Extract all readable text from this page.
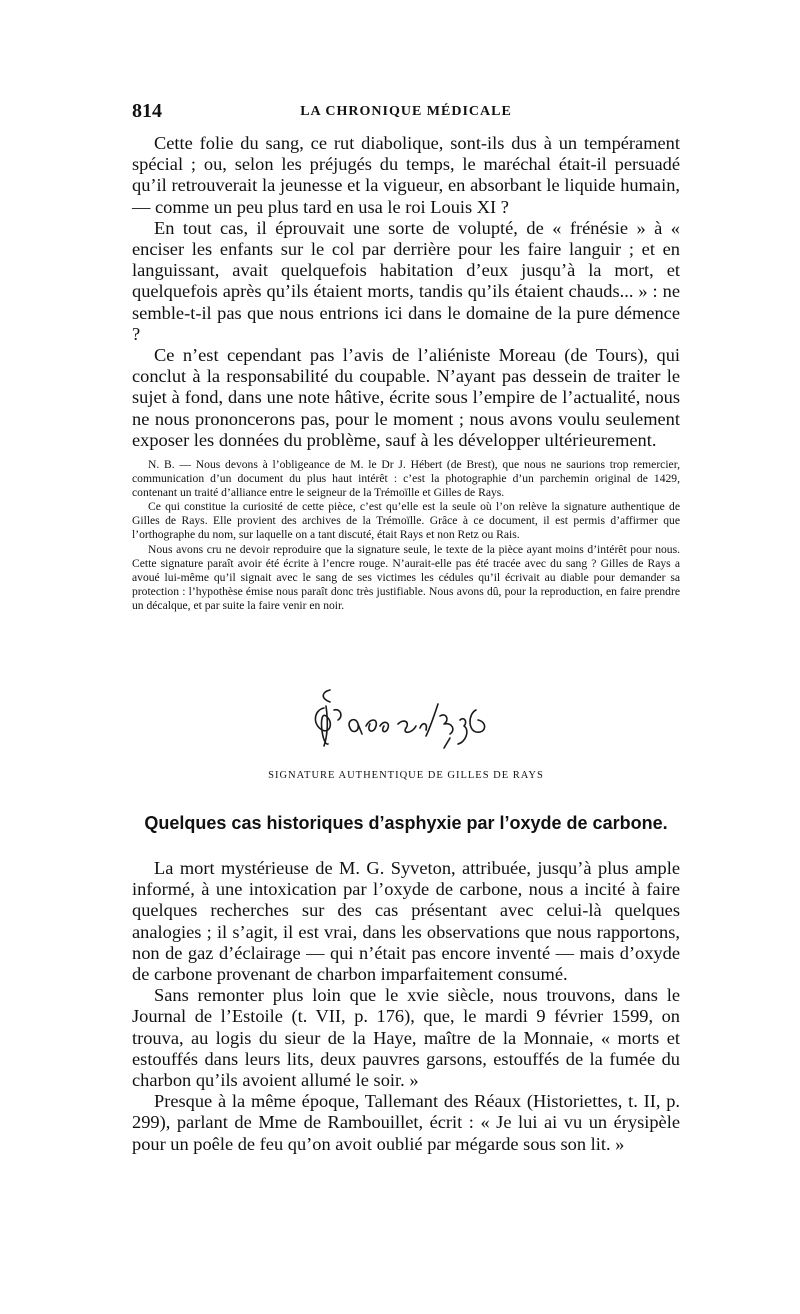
814	LA CHRONIQUE MÉDICALE

Cette folie du sang, ce rut diabolique, sont-ils dus à un tempérament spécial ; ou, selon les préjugés du temps, le maréchal était-il persuadé qu’il retrouverait la jeunesse et la vigueur, en absorbant le liquide humain, — comme un peu plus tard en usa le roi Louis XI ?

En tout cas, il éprouvait une sorte de volupté, de « frénésie » à « enciser les enfants sur le col par derrière pour les faire languir ; et en languissant, avait quelquefois habitation d’eux jusqu’à la mort, et quelquefois après qu’ils étaient morts, tandis qu’ils étaient chauds... » : ne semble-t-il pas que nous entrions ici dans le domaine de la pure démence ?

Ce n’est cependant pas l’avis de l’aliéniste Moreau (de Tours), qui conclut à la responsabilité du coupable. N’ayant pas dessein de traiter le sujet à fond, dans une note hâtive, écrite sous l’empire de l’actualité, nous ne nous prononcerons pas, pour le moment ; nous avons voulu seulement exposer les données du problème, sauf à les développer ultérieurement.

N. B. — Nous devons à l’obligeance de M. le Dr J. Hébert (de Brest), que nous ne saurions trop remercier, communication d’un document du plus haut intérêt : c’est la photographie d’un parchemin original de 1429, contenant un traité d’alliance entre le seigneur de la Trémoïlle et Gilles de Rays.

Ce qui constitue la curiosité de cette pièce, c’est qu’elle est la seule où l’on relève la signature authentique de Gilles de Rays. Elle provient des archives de la Trémoïlle. Grâce à ce document, il est permis d’affirmer que l’orthographe du nom, sur laquelle on a tant discuté, était Rays et non Retz ou Rais.

Nous avons cru ne devoir reproduire que la signature seule, le texte de la pièce ayant moins d’intérêt pour nous. Cette signature paraît avoir été écrite à l’encre rouge. N’aurait-elle pas été tracée avec du sang ? Gilles de Rays a avoué lui-même qu’il signait avec le sang de ses victimes les cédules qu’il écrivait au diable pour demander sa protection : l’hypothèse émise nous paraît donc très justifiable. Nous avons dû, pour la reproduction, en faire prendre un décalque, et par suite la faire venir en noir.

SIGNATURE AUTHENTIQUE DE GILLES DE RAYS
Quelques cas historiques d’asphyxie par l’oxyde de carbone.

La mort mystérieuse de M. G. Syveton, attribuée, jusqu’à plus ample informé, à une intoxication par l’oxyde de carbone, nous a incité à faire quelques recherches sur des cas présentant avec celui-là quelques analogies ; il s’agit, il est vrai, dans les observations que nous rapportons, non de gaz d’éclairage — qui n’était pas encore inventé — mais d’oxyde de carbone provenant de charbon imparfaitement consumé.

Sans remonter plus loin que le xvie siècle, nous trouvons, dans le Journal de l’Estoile (t. VII, p. 176), que, le mardi 9 février 1599, on trouva, au logis du sieur de la Haye, maître de la Monnaie, « morts et estouffés dans leurs lits, deux pauvres garsons, estouffés de la fumée du charbon qu’ils avoient allumé le soir. »

Presque à la même époque, Tallemant des Réaux (Historiettes, t. II, p. 299), parlant de Mme de Rambouillet, écrit : « Je lui ai vu un érysipèle pour un poêle de feu qu’on avoit oublié par mégarde sous son lit. »
